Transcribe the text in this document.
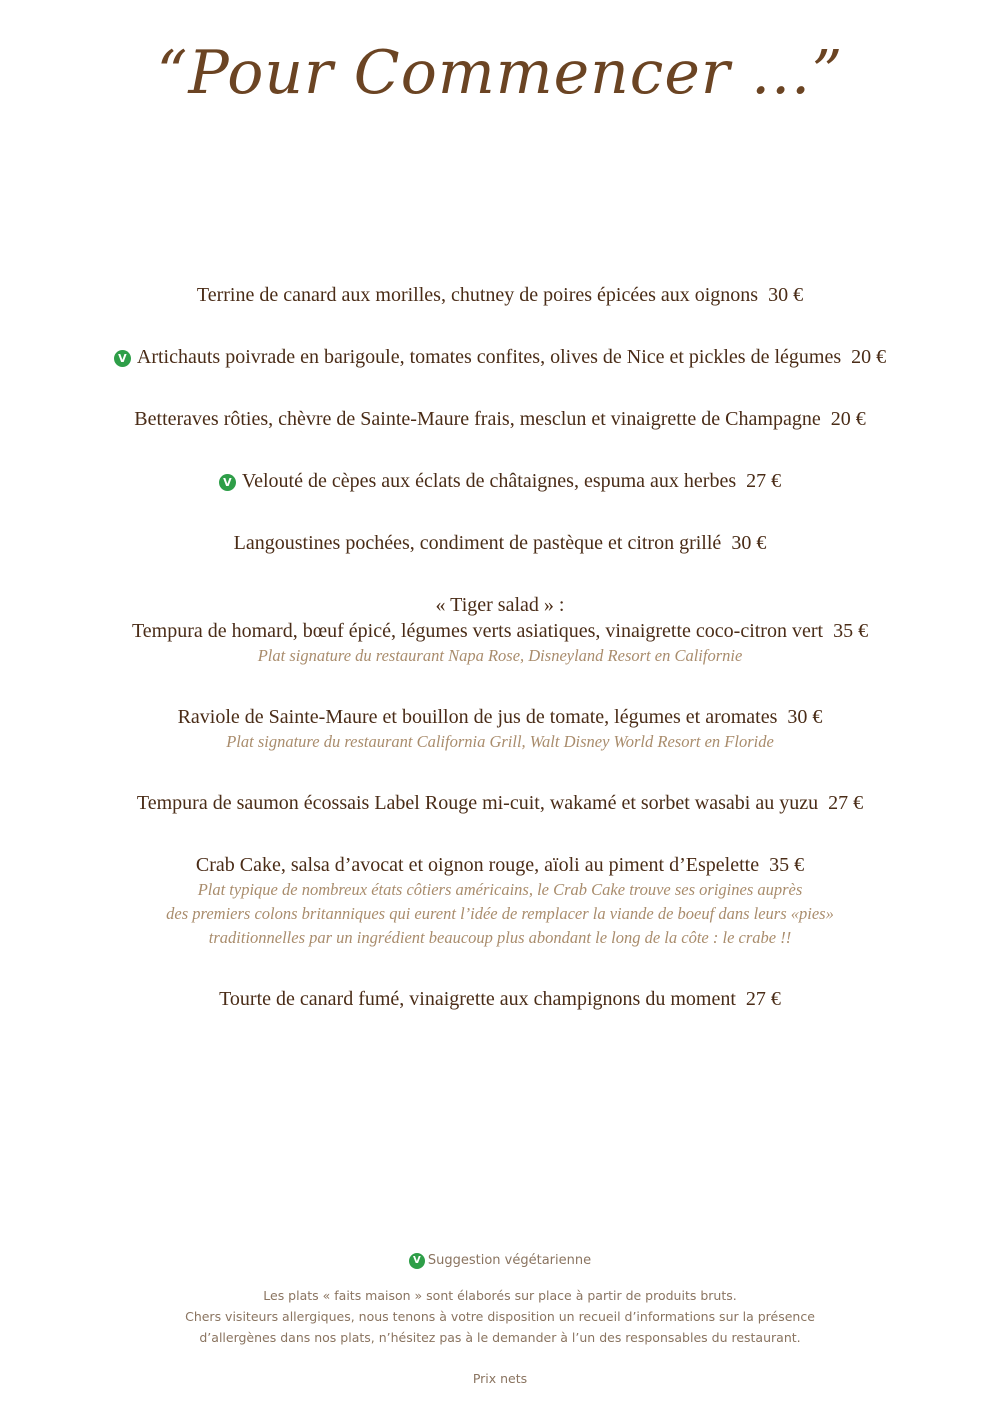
“Pour Commencer …”
Terrine de canard aux morilles, chutney de poires épicées aux oignons 30 €
V Artichauts poivrade en barigoule, tomates confites, olives de Nice et pickles de légumes 20 €
Betteraves rôties, chèvre de Sainte-Maure frais, mesclun et vinaigrette de Champagne 20 €
V Velouté de cèpes aux éclats de châtaignes, espuma aux herbes 27 €
Langoustines pochées, condiment de pastèque et citron grillé 30 €
« Tiger salad » :
Tempura de homard, bœuf épicé, légumes verts asiatiques, vinaigrette coco-citron vert 35 €
Plat signature du restaurant Napa Rose, Disneyland Resort en Californie
Raviole de Sainte-Maure et bouillon de jus de tomate, légumes et aromates 30 €
Plat signature du restaurant California Grill, Walt Disney World Resort en Floride
Tempura de saumon écossais Label Rouge mi-cuit, wakamé et sorbet wasabi au yuzu 27 €
Crab Cake, salsa d’avocat et oignon rouge, aïoli au piment d’Espelette 35 €
Plat typique de nombreux états côtiers américains, le Crab Cake trouve ses origines auprès
des premiers colons britanniques qui eurent l’idée de remplacer la viande de boeuf dans leurs «pies»
traditionnelles par un ingrédient beaucoup plus abondant le long de la côte : le crabe !!
Tourte de canard fumé, vinaigrette aux champignons du moment 27 €
V Suggestion végétarienne
Les plats « faits maison » sont élaborés sur place à partir de produits bruts.
Chers visiteurs allergiques, nous tenons à votre disposition un recueil d’informations sur la présence
d’allergènes dans nos plats, n’hésitez pas à le demander à l’un des responsables du restaurant.
Prix nets
